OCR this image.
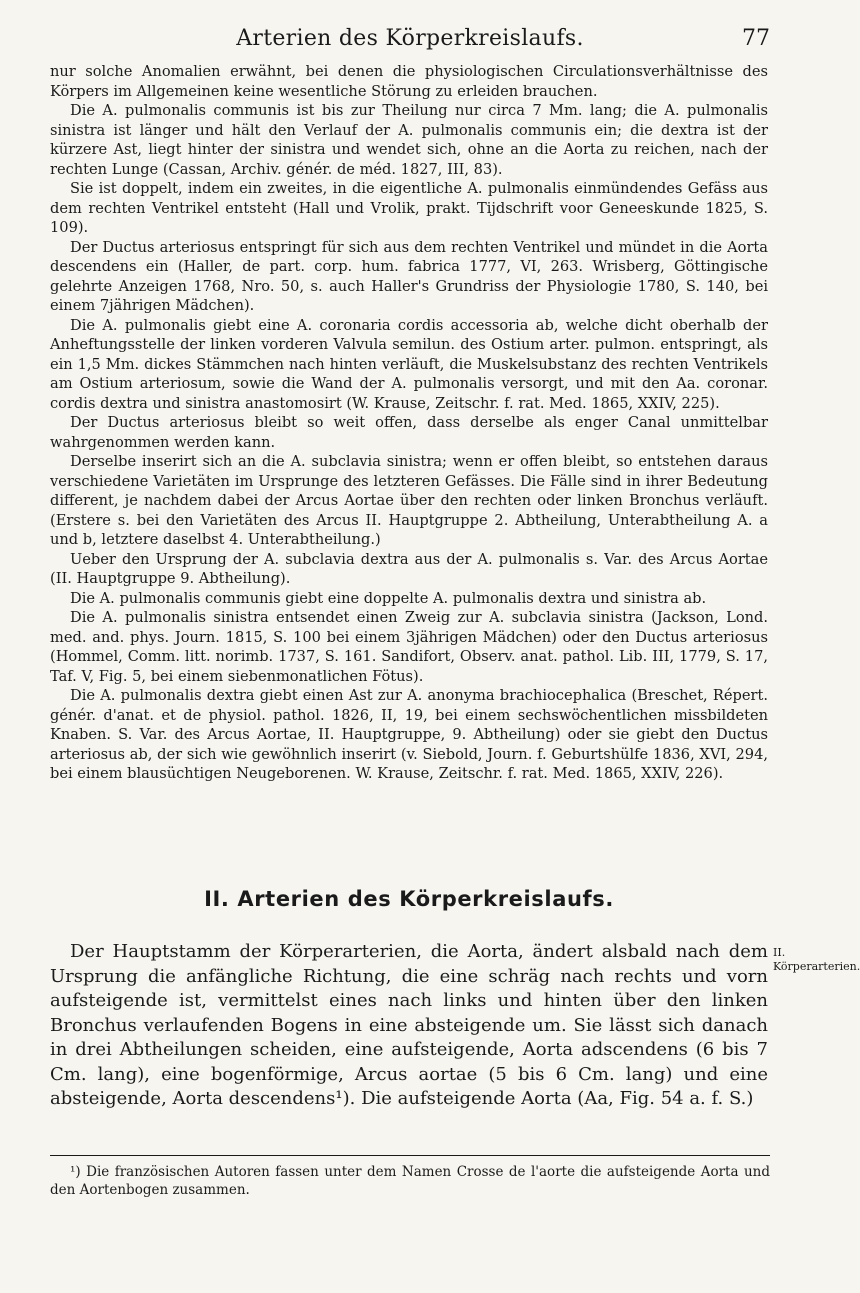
Arterien des Körperkreislaufs.	77

nur solche Anomalien erwähnt, bei denen die physiologischen Circulationsverhältnisse des Körpers im Allgemeinen keine wesentliche Störung zu erleiden brauchen.

Die A. pulmonalis communis ist bis zur Theilung nur circa 7 Mm. lang; die A. pulmonalis sinistra ist länger und hält den Verlauf der A. pulmonalis communis ein; die dextra ist der kürzere Ast, liegt hinter der sinistra und wendet sich, ohne an die Aorta zu reichen, nach der rechten Lunge (Cassan, Archiv. génér. de méd. 1827, III, 83).

Sie ist doppelt, indem ein zweites, in die eigentliche A. pulmonalis einmündendes Gefäss aus dem rechten Ventrikel entsteht (Hall und Vrolik, prakt. Tijdschrift voor Geneeskunde 1825, S. 109).

Der Ductus arteriosus entspringt für sich aus dem rechten Ventrikel und mündet in die Aorta descendens ein (Haller, de part. corp. hum. fabrica 1777, VI, 263. Wrisberg, Göttingische gelehrte Anzeigen 1768, Nro. 50, s. auch Haller's Grundriss der Physiologie 1780, S. 140, bei einem 7jährigen Mädchen).

Die A. pulmonalis giebt eine A. coronaria cordis accessoria ab, welche dicht oberhalb der Anheftungsstelle der linken vorderen Valvula semilun. des Ostium arter. pulmon. entspringt, als ein 1,5 Mm. dickes Stämmchen nach hinten verläuft, die Muskelsubstanz des rechten Ventrikels am Ostium arteriosum, sowie die Wand der A. pulmonalis versorgt, und mit den Aa. coronar. cordis dextra und sinistra anastomosirt (W. Krause, Zeitschr. f. rat. Med. 1865, XXIV, 225).

Der Ductus arteriosus bleibt so weit offen, dass derselbe als enger Canal unmittelbar wahrgenommen werden kann.

Derselbe inserirt sich an die A. subclavia sinistra; wenn er offen bleibt, so entstehen daraus verschiedene Varietäten im Ursprunge des letzteren Gefässes. Die Fälle sind in ihrer Bedeutung different, je nachdem dabei der Arcus Aortae über den rechten oder linken Bronchus verläuft. (Erstere s. bei den Varietäten des Arcus II. Hauptgruppe 2. Abtheilung, Unterabtheilung A. a und b, letztere daselbst 4. Unterabtheilung.)

Ueber den Ursprung der A. subclavia dextra aus der A. pulmonalis s. Var. des Arcus Aortae (II. Hauptgruppe 9. Abtheilung).

Die A. pulmonalis communis giebt eine doppelte A. pulmonalis dextra und sinistra ab.

Die A. pulmonalis sinistra entsendet einen Zweig zur A. subclavia sinistra (Jackson, Lond. med. and. phys. Journ. 1815, S. 100 bei einem 3jährigen Mädchen) oder den Ductus arteriosus (Hommel, Comm. litt. norimb. 1737, S. 161. Sandifort, Observ. anat. pathol. Lib. III, 1779, S. 17, Taf. V, Fig. 5, bei einem siebenmonatlichen Fötus).

Die A. pulmonalis dextra giebt einen Ast zur A. anonyma brachiocephalica (Breschet, Répert. génér. d'anat. et de physiol. pathol. 1826, II, 19, bei einem sechswöchentlichen missbildeten Knaben. S. Var. des Arcus Aortae, II. Hauptgruppe, 9. Abtheilung) oder sie giebt den Ductus arteriosus ab, der sich wie gewöhnlich inserirt (v. Siebold, Journ. f. Geburtshülfe 1836, XVI, 294, bei einem blausüchtigen Neugeborenen. W. Krause, Zeitschr. f. rat. Med. 1865, XXIV, 226).

II. Arterien des Körperkreislaufs.

Der Hauptstamm der Körperarterien, die Aorta, ändert alsbald nach dem Ursprung die anfängliche Richtung, die eine schräg nach rechts und vorn aufsteigende ist, vermittelst eines nach links und hinten über den linken Bronchus verlaufenden Bogens in eine absteigende um. Sie lässt sich danach in drei Abtheilungen scheiden, eine aufsteigende, Aorta adscendens (6 bis 7 Cm. lang), eine bogenförmige, Arcus aortae (5 bis 6 Cm. lang) und eine absteigende, Aorta descendens¹). Die aufsteigende Aorta (Aa, Fig. 54 a. f. S.)

II. Körperarterien.

¹) Die französischen Autoren fassen unter dem Namen Crosse de l'aorte die aufsteigende Aorta und den Aortenbogen zusammen.
